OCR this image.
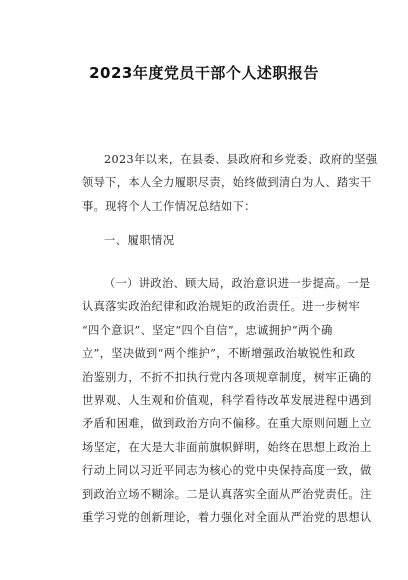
2023年度党员干部个人述职报告
2023年以来，在县委、县政府和乡党委、政府的坚强
领导下，本人全力履职尽责，始终做到清白为人、踏实干
事。现将个人工作情况总结如下：
一、履职情况
（一）讲政治、顾大局，政治意识进一步提高。一是
认真落实政治纪律和政治规矩的政治责任。进一步树牢
“四个意识”、坚定“四个自信”，忠诚拥护“两个确
立”，坚决做到“两个维护”，不断增强政治敏锐性和政
治鉴别力，不折不扣执行党内各项规章制度，树牢正确的
世界观、人生观和价值观，科学看待改革发展进程中遇到
矛盾和困难，做到政治方向不偏移。在重大原则问题上立
场坚定，在大是大非面前旗帜鲜明，始终在思想上政治上
行动上同以习近平同志为核心的党中央保持高度一致，做
到政治立场不糊涂。二是认真落实全面从严治党责任。注
重学习党的创新理论，着力强化对全面从严治党的思想认
